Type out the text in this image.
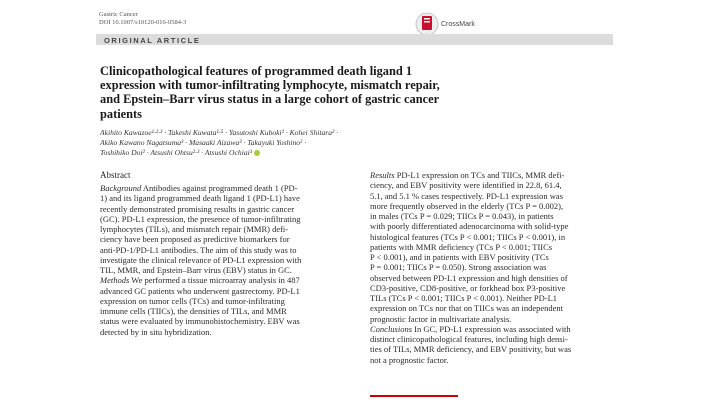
Gastric Cancer
DOI 10.1007/s10120-016-0584-3	CrossMark
ORIGINAL ARTICLE
Clinicopathological features of programmed death ligand 1
expression with tumor-infiltrating lymphocyte, mismatch repair,
and Epstein–Barr virus status in a large cohort of gastric cancer
patients
Akihito Kawazoe¹·²·³ · Takeshi Kuwata¹·⁵ · Yasutoshi Kuboki² · Kohei Shitara² ·
Akiko Kawano Nagatsuma³ · Masaaki Aizawa³ · Takayuki Yoshino² ·
Toshihiko Doi² · Atsushi Ohtsu²·³ · Atsushi Ochiai³
Abstract
Background Antibodies against programmed death 1 (PD-
1) and its ligand programmed death ligand 1 (PD-L1) have
recently demonstrated promising results in gastric cancer
(GC). PD-L1 expression, the presence of tumor-infiltrating
lymphocytes (TILs), and mismatch repair (MMR) defi-
ciency have been proposed as predictive biomarkers for
anti-PD-1/PD-L1 antibodies. The aim of this study was to
investigate the clinical relevance of PD-L1 expression with
TIL, MMR, and Epstein–Barr virus (EBV) status in GC.
Methods We performed a tissue microarray analysis in 487
advanced GC patients who underwent gastrectomy. PD-L1
expression on tumor cells (TCs) and tumor-infiltrating
immune cells (TIICs), the densities of TILs, and MMR
status were evaluated by immunohistochemistry. EBV was
detected by in situ hybridization.
Results PD-L1 expression on TCs and TIICs, MMR defi-
ciency, and EBV positivity were identified in 22.8, 61.4,
5.1, and 5.1 % cases respectively. PD-L1 expression was
more frequently observed in the elderly (TCs P = 0.002),
in males (TCs P = 0.029; TIICs P = 0.043), in patients
with poorly differentiated adenocarcinoma with solid-type
histological features (TCs P < 0.001; TIICs P < 0.001), in
patients with MMR deficiency (TCs P < 0.001; TIICs
P < 0.001), and in patients with EBV positivity (TCs
P = 0.001; TIICs P = 0.050). Strong association was
observed between PD-L1 expression and high densities of
CD3-positive, CD8-positive, or forkhead box P3-positive
TILs (TCs P < 0.001; TIICs P < 0.001). Neither PD-L1
expression on TCs nor that on TIICs was an independent
prognostic factor in multivariate analysis.
Conclusions In GC, PD-L1 expression was associated with
distinct clinicopathological features, including high densi-
ties of TILs, MMR deficiency, and EBV positivity, but was
not a prognostic factor.
